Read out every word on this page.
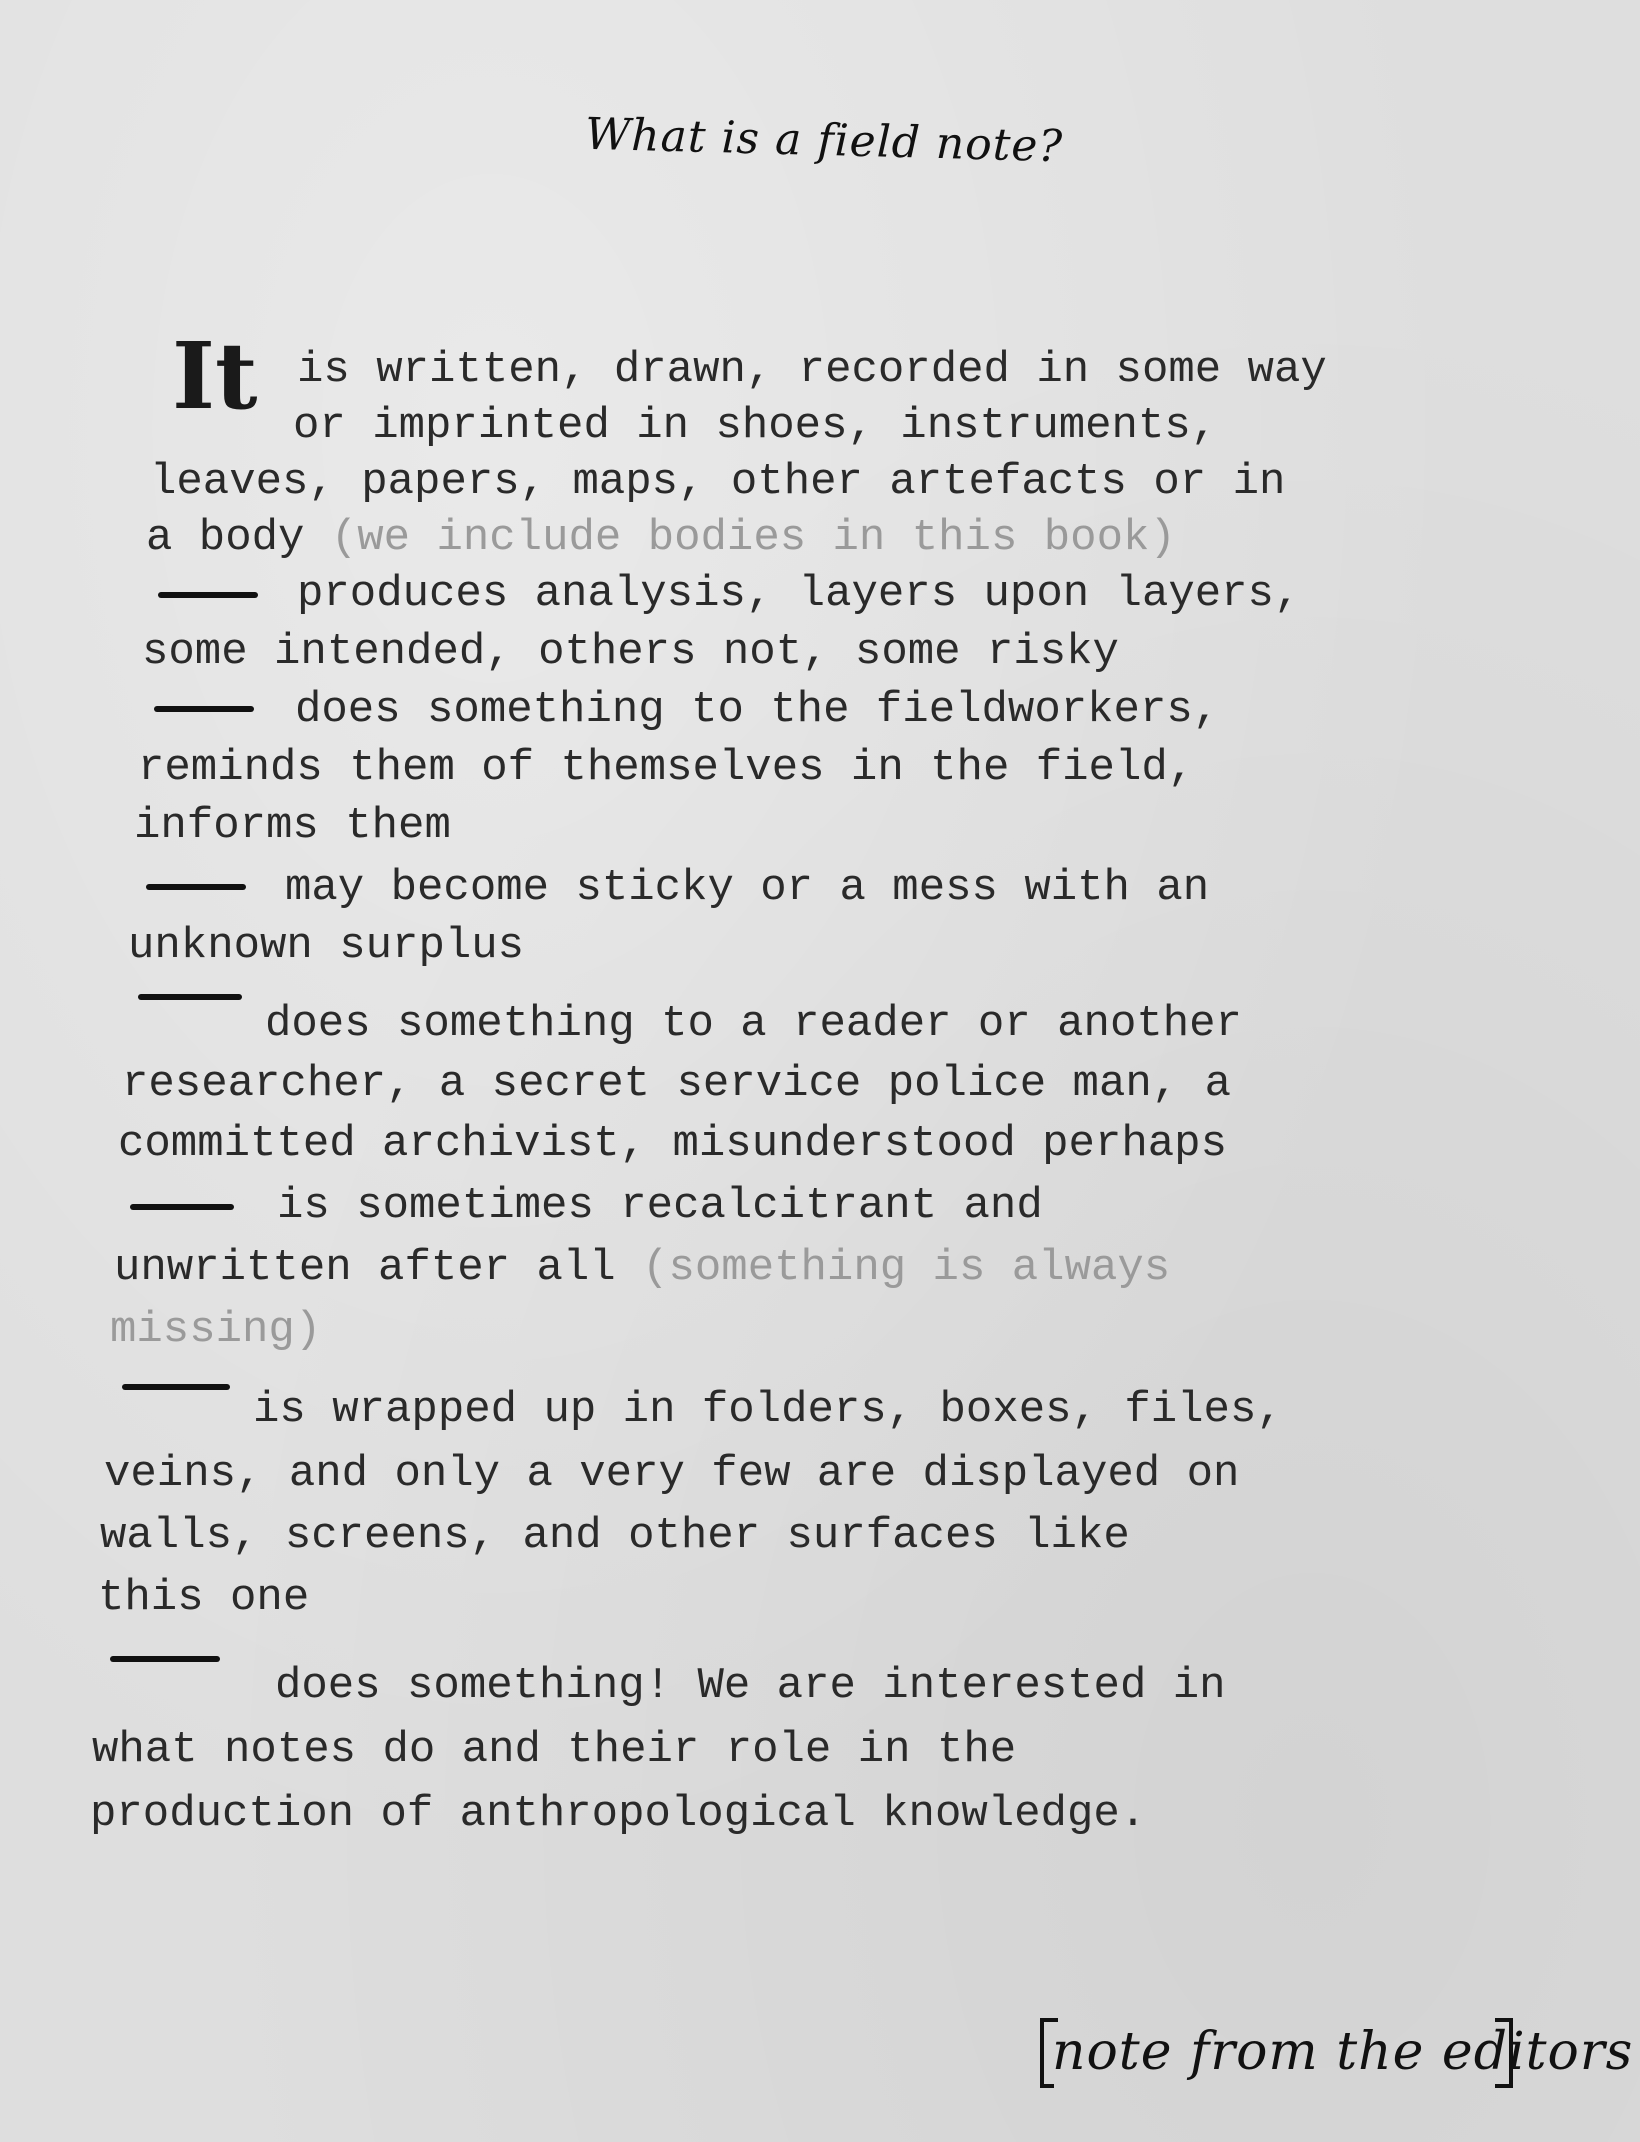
What is a field note?
It is written, drawn, recorded in some way
or imprinted in shoes, instruments,
leaves, papers, maps, other artefacts or in
a body (we include bodies in this book)
produces analysis, layers upon layers,
some intended, others not, some risky
does something to the fieldworkers,
reminds them of themselves in the field,
informs them
may become sticky or a mess with an
unknown surplus
does something to a reader or another
researcher, a secret service police man, a
committed archivist, misunderstood perhaps
is sometimes recalcitrant and
unwritten after all (something is always
missing)
is wrapped up in folders, boxes, files,
veins, and only a very few are displayed on
walls, screens, and other surfaces like
this one
does something! We are interested in
what notes do and their role in the
production of anthropological knowledge.
note from the editors
